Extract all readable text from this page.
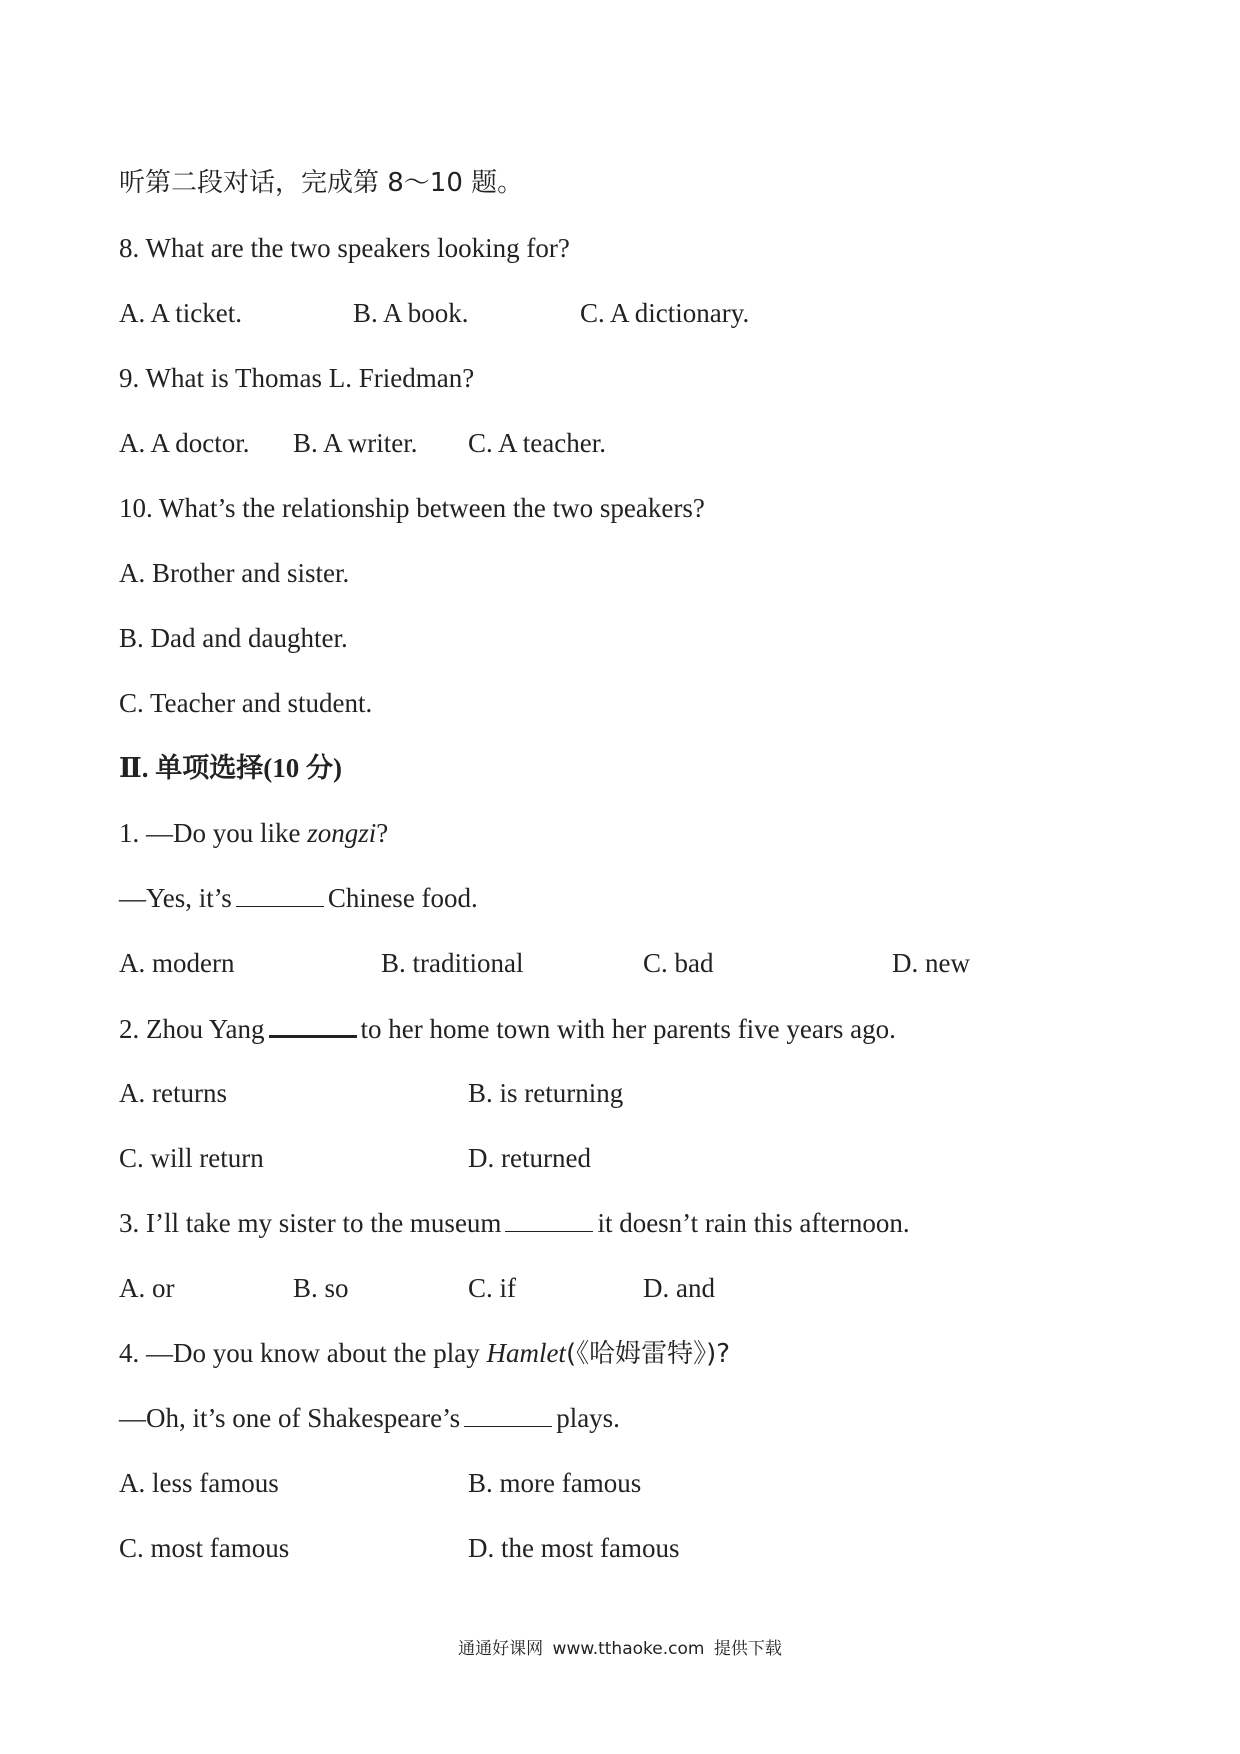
听第二段对话，完成第 8～10 题。
8. What are the two speakers looking for?
A. A ticket.	B. A book.	C. A dictionary.
9. What is Thomas L. Friedman?
A. A doctor. B. A writer. C. A teacher.
10. What’s the relationship between the two speakers?
A. Brother and sister.
B. Dad and daughter.
C. Teacher and student.
Ⅱ. 单项选择(10 分)
1. —Do you like zongzi?
—Yes, it’s	Chinese food.
A. modern	B. traditional	C. bad	D. new
2. Zhou Yang	to her home town with her parents five years ago.
A. returns	B. is returning
C. will return	D. returned
3. I’ll take my sister to the museum	it doesn’t rain this afternoon.
A. or	B. so	C. if	D. and
4. —Do you know about the play Hamlet(《哈姆雷特》)?
—Oh, it’s one of Shakespeare’s	plays.
A. less famous	B. more famous
C. most famous	D. the most famous
通通好课网 www.tthaoke.com 提供下载
